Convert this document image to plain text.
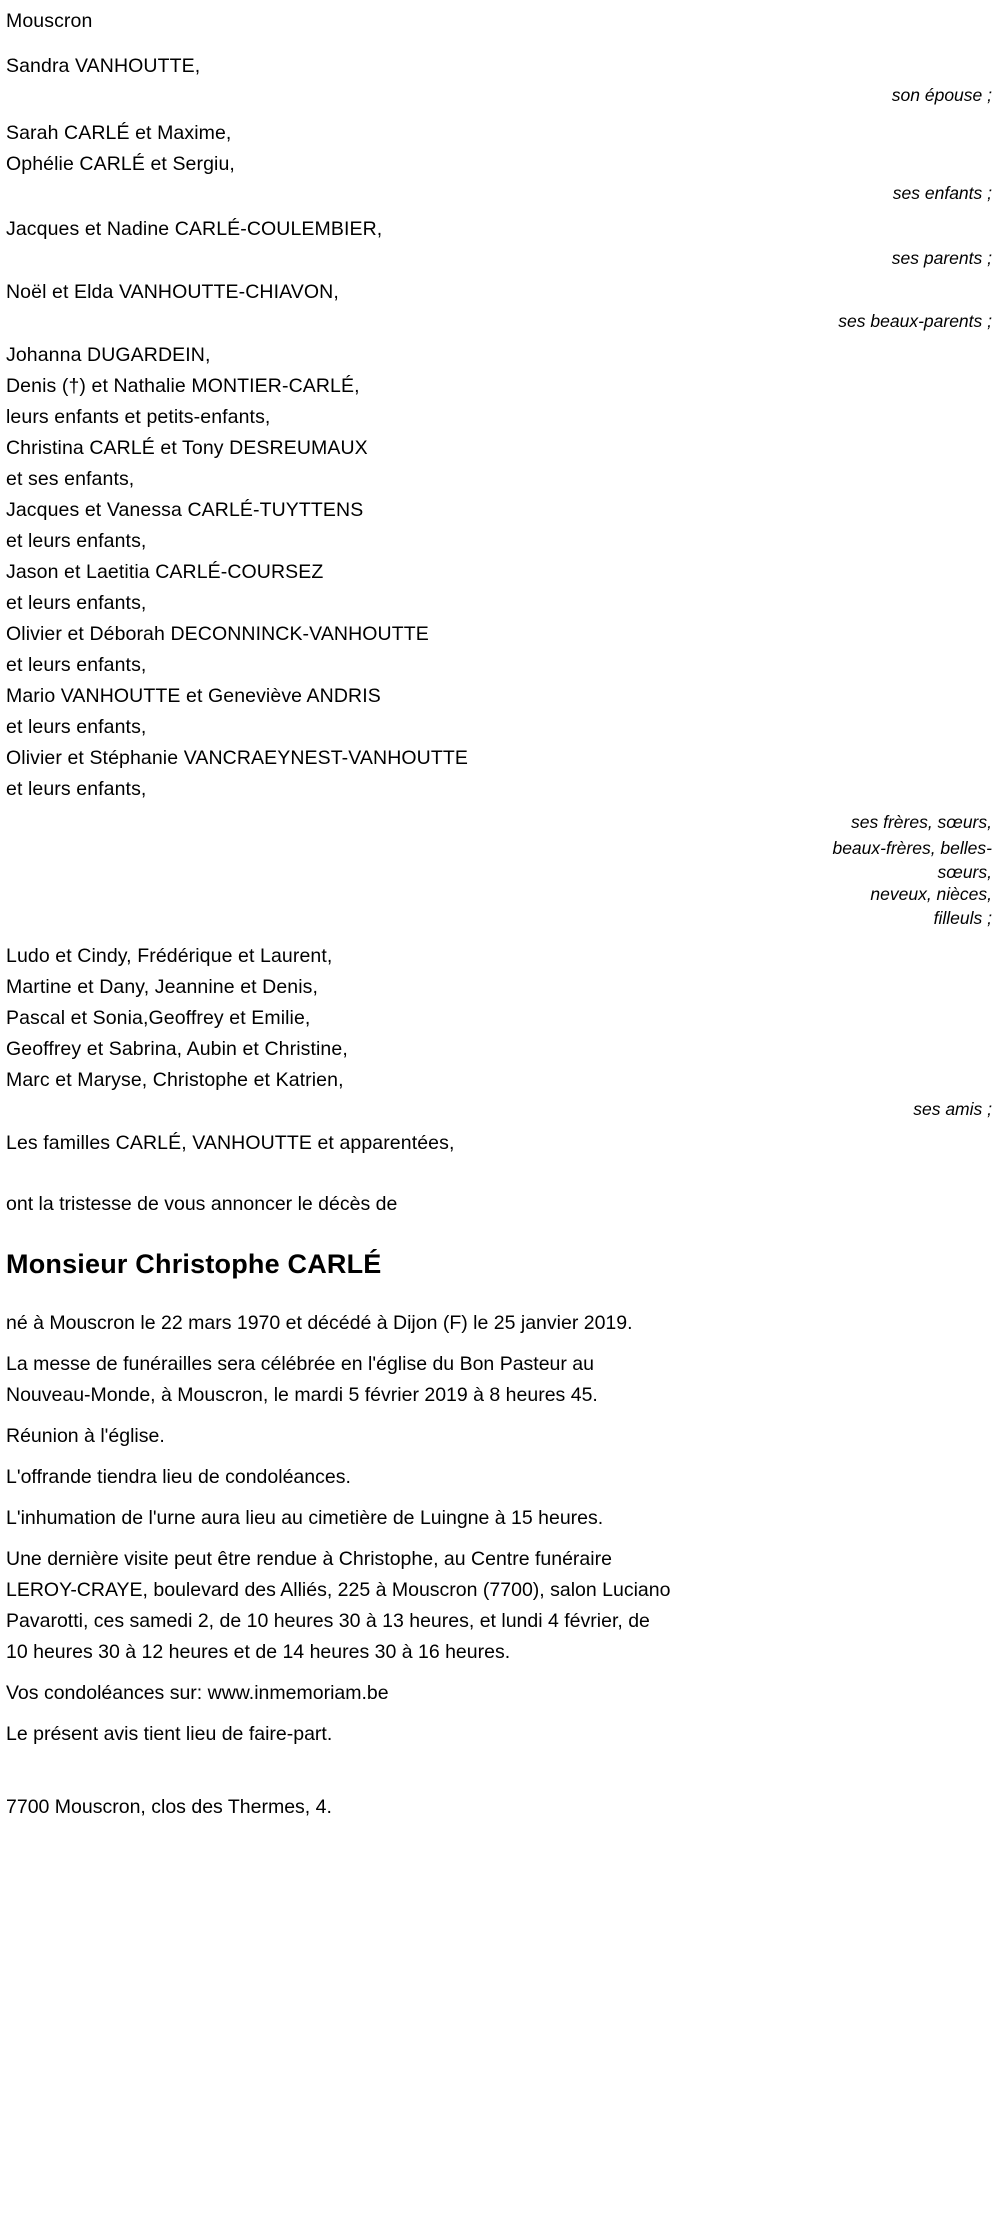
Mouscron
Sandra VANHOUTTE,
son épouse ;
Sarah CARLÉ et Maxime,
Ophélie CARLÉ et Sergiu,
ses enfants ;
Jacques et Nadine CARLÉ-COULEMBIER,
ses parents ;
Noël et Elda VANHOUTTE-CHIAVON,
ses beaux-parents ;
Johanna DUGARDEIN,
Denis (†) et Nathalie MONTIER-CARLÉ,
leurs enfants et petits-enfants,
Christina CARLÉ et Tony DESREUMAUX
et ses enfants,
Jacques et Vanessa CARLÉ-TUYTTENS
et leurs enfants,
Jason et Laetitia CARLÉ-COURSEZ
et leurs enfants,
Olivier et Déborah DECONNINCK-VANHOUTTE
et leurs enfants,
Mario VANHOUTTE et Geneviève ANDRIS
et leurs enfants,
Olivier et Stéphanie VANCRAEYNEST-VANHOUTTE
et leurs enfants,
ses frères, sœurs,
beaux-frères, belles-
sœurs,
neveux, nièces,
filleuls ;
Ludo et Cindy, Frédérique et Laurent,
Martine et Dany, Jeannine et Denis,
Pascal et Sonia,Geoffrey et Emilie,
Geoffrey et Sabrina, Aubin et Christine,
Marc et Maryse, Christophe et Katrien,
ses amis ;
Les familles CARLÉ, VANHOUTTE et apparentées,
ont la tristesse de vous annoncer le décès de
Monsieur Christophe CARLÉ
né à Mouscron le 22 mars 1970 et décédé à Dijon (F) le 25 janvier 2019.
La messe de funérailles sera célébrée en l'église du Bon Pasteur au
Nouveau-Monde, à Mouscron, le mardi 5 février 2019 à 8 heures 45.
Réunion à l'église.
L'offrande tiendra lieu de condoléances.
L'inhumation de l'urne aura lieu au cimetière de Luingne à 15 heures.
Une dernière visite peut être rendue à Christophe, au Centre funéraire
LEROY-CRAYE, boulevard des Alliés, 225 à Mouscron (7700), salon Luciano
Pavarotti, ces samedi 2, de 10 heures 30 à 13 heures, et lundi 4 février, de
10 heures 30 à 12 heures et de 14 heures 30 à 16 heures.
Vos condoléances sur: www.inmemoriam.be
Le présent avis tient lieu de faire-part.
7700 Mouscron, clos des Thermes, 4.
